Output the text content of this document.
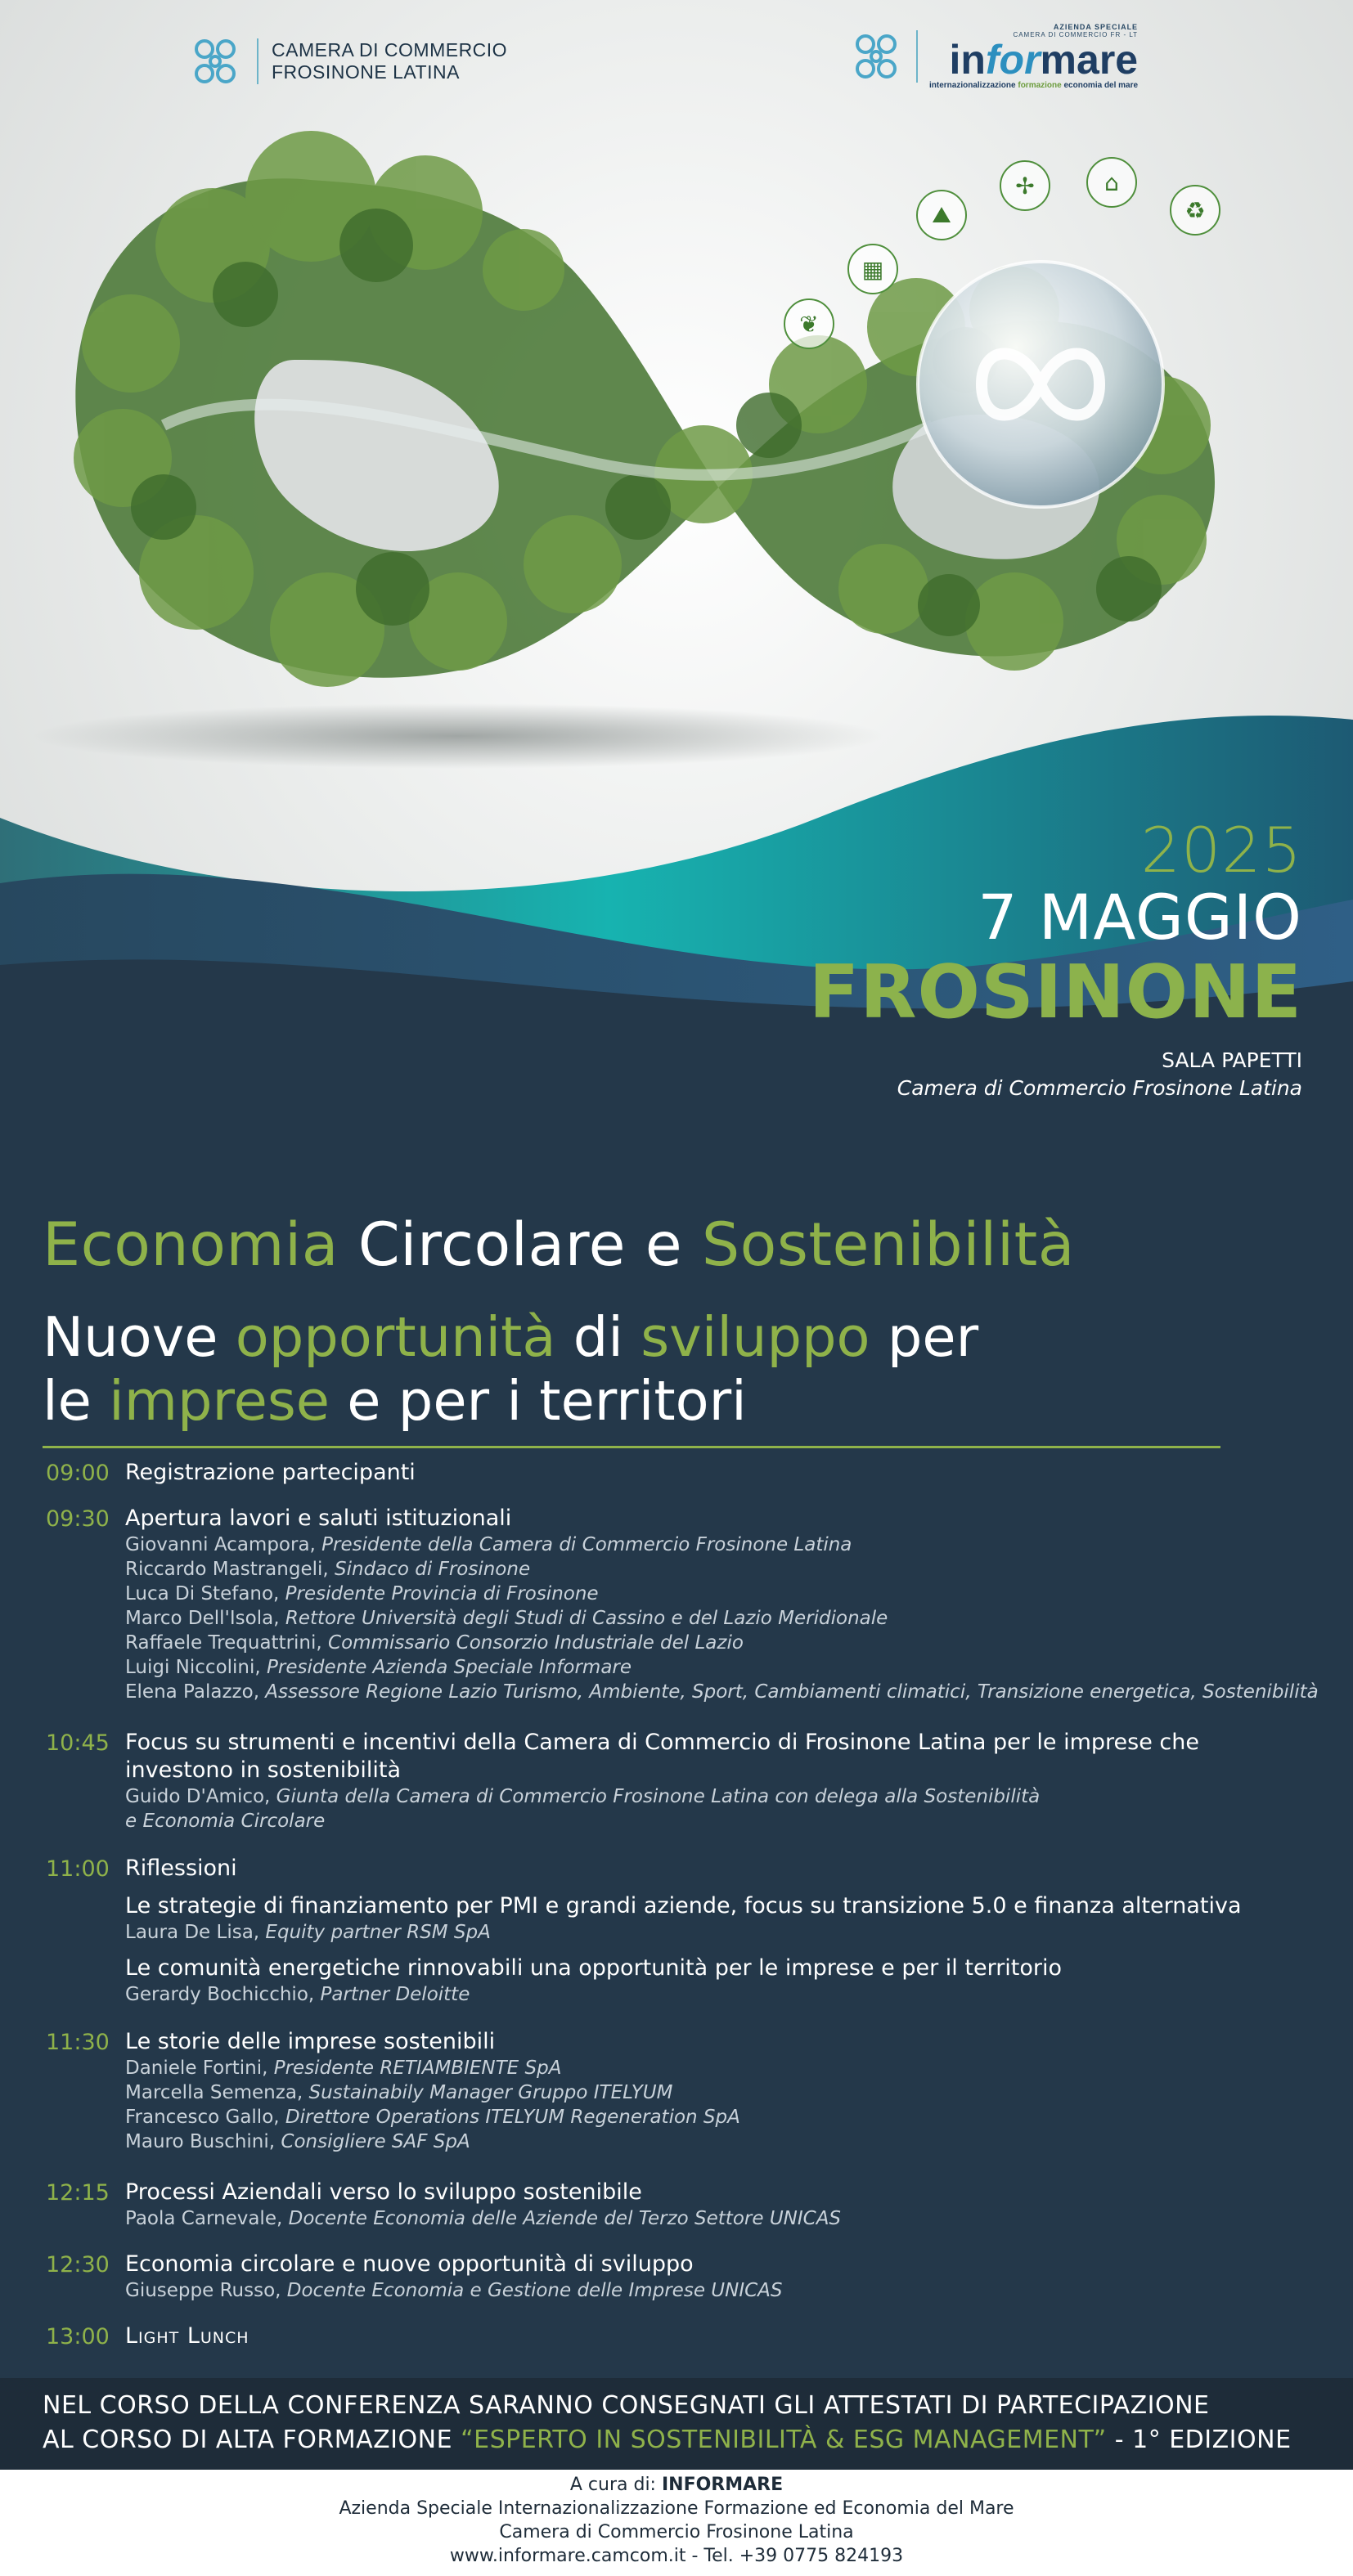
CAMERA DI COMMERCIO
FROSINONE LATINA
AZIENDA SPECIALE
CAMERA DI COMMERCIO FR - LT
informare
internazionalizzazione formazione economia del mare
❦
▦
⛰
✢	⌂
♻
2025
7 MAGGIO
FROSINONE
SALA PAPETTI
Camera di Commercio Frosinone Latina
Economia Circolare e Sostenibilità
Nuove opportunità di sviluppo per
le imprese e per i territori
09:00 Registrazione partecipanti
09:30 Apertura lavori e saluti istituzionali
Giovanni Acampora, Presidente della Camera di Commercio Frosinone Latina
Riccardo Mastrangeli, Sindaco di Frosinone
Luca Di Stefano, Presidente Provincia di Frosinone
Marco Dell'Isola, Rettore Università degli Studi di Cassino e del Lazio Meridionale
Raffaele Trequattrini, Commissario Consorzio Industriale del Lazio
Luigi Niccolini, Presidente Azienda Speciale Informare
Elena Palazzo, Assessore Regione Lazio Turismo, Ambiente, Sport, Cambiamenti climatici, Transizione energetica, Sostenibilità
10:45 Focus su strumenti e incentivi della Camera di Commercio di Frosinone Latina per le imprese che
investono in sostenibilità
Guido D'Amico, Giunta della Camera di Commercio Frosinone Latina con delega alla Sostenibilità
e Economia Circolare
11:00 Riflessioni
Le strategie di finanziamento per PMI e grandi aziende, focus su transizione 5.0 e finanza alternativa
Laura De Lisa, Equity partner RSM SpA
Le comunità energetiche rinnovabili una opportunità per le imprese e per il territorio
Gerardy Bochicchio, Partner Deloitte
11:30 Le storie delle imprese sostenibili
Daniele Fortini, Presidente RETIAMBIENTE SpA
Marcella Semenza, Sustainabily Manager Gruppo ITELYUM
Francesco Gallo, Direttore Operations ITELYUM Regeneration SpA
Mauro Buschini, Consigliere SAF SpA
12:15 Processi Aziendali verso lo sviluppo sostenibile
Paola Carnevale, Docente Economia delle Aziende del Terzo Settore UNICAS
12:30 Economia circolare e nuove opportunità di sviluppo
Giuseppe Russo, Docente Economia e Gestione delle Imprese UNICAS
13:00 Light Lunch
NEL CORSO DELLA CONFERENZA SARANNO CONSEGNATI GLI ATTESTATI DI PARTECIPAZIONE
AL CORSO DI ALTA FORMAZIONE “ESPERTO IN SOSTENIBILITÀ & ESG MANAGEMENT” - 1° EDIZIONE
A cura di: INFORMARE
Azienda Speciale Internazionalizzazione Formazione ed Economia del Mare
Camera di Commercio Frosinone Latina
www.informare.camcom.it - Tel. +39 0775 824193
